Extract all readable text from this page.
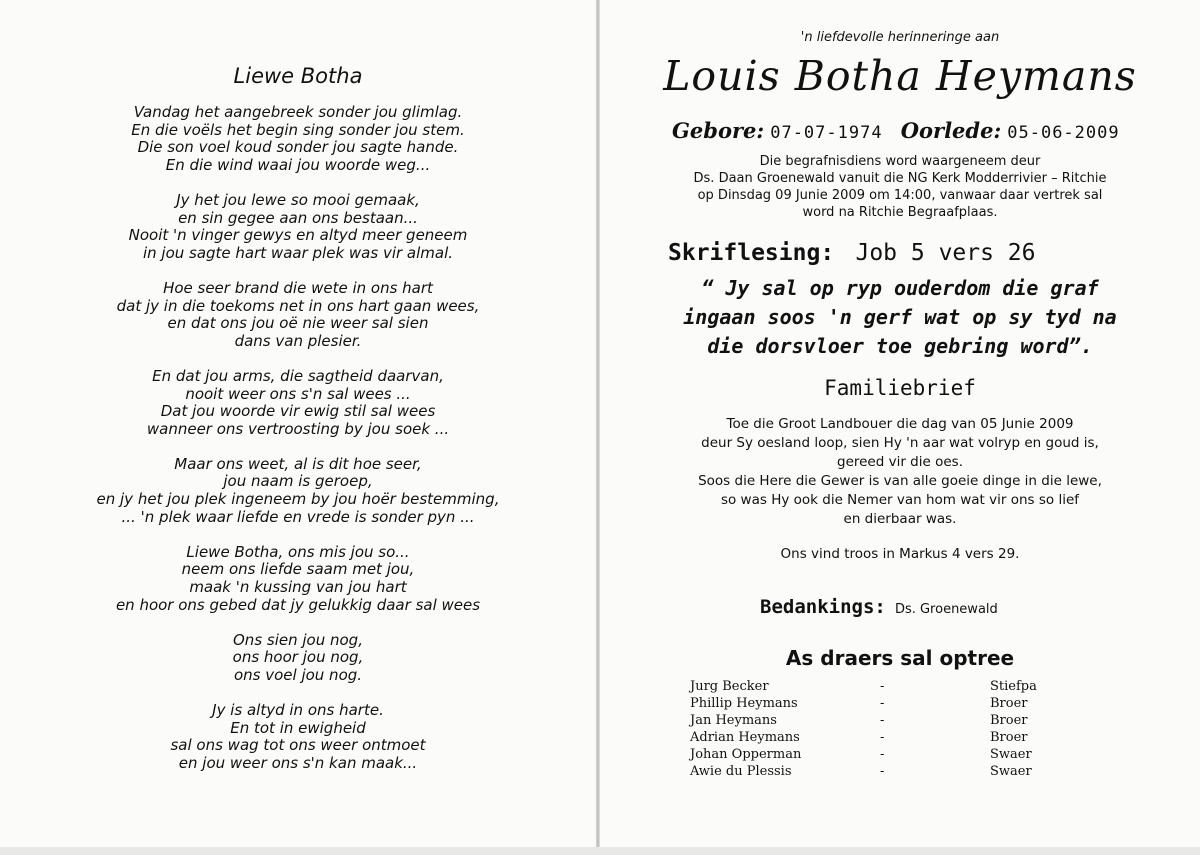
Liewe Botha
Vandag het aangebreek sonder jou glimlag.
En die voëls het begin sing sonder jou stem.
Die son voel koud sonder jou sagte hande.
En die wind waai jou woorde weg...
Jy het jou lewe so mooi gemaak,
en sin gegee aan ons bestaan...
Nooit 'n vinger gewys en altyd meer geneem
in jou sagte hart waar plek was vir almal.
Hoe seer brand die wete in ons hart
dat jy in die toekoms net in ons hart gaan wees,
en dat ons jou oë nie weer sal sien
dans van plesier.
En dat jou arms, die sagtheid daarvan,
nooit weer ons s'n sal wees ...
Dat jou woorde vir ewig stil sal wees
wanneer ons vertroosting by jou soek ...
Maar ons weet, al is dit hoe seer,
jou naam is geroep,
en jy het jou plek ingeneem by jou hoër bestemming,
... 'n plek waar liefde en vrede is sonder pyn ...
Liewe Botha, ons mis jou so...
neem ons liefde saam met jou,
maak 'n kussing van jou hart
en hoor ons gebed dat jy gelukkig daar sal wees
Ons sien jou nog,
ons hoor jou nog,
ons voel jou nog.
Jy is altyd in ons harte.
En tot in ewigheid
sal ons wag tot ons weer ontmoet
en jou weer ons s'n kan maak...
'n liefdevolle herinneringe aan
Louis Botha Heymans
Gebore: 07-07-1974 Oorlede: 05-06-2009
Die begrafnisdiens word waargeneem deur
Ds. Daan Groenewald vanuit die NG Kerk Modderrivier – Ritchie
op Dinsdag 09 Junie 2009 om 14:00, vanwaar daar vertrek sal
word na Ritchie Begraafplaas.
Skriflesing: Job 5 vers 26
“ Jy sal op ryp ouderdom die graf
ingaan soos 'n gerf wat op sy tyd na
die dorsvloer toe gebring word”.
Familiebrief
Toe die Groot Landbouer die dag van 05 Junie 2009
deur Sy oesland loop, sien Hy 'n aar wat volryp en goud is,
gereed vir die oes.
Soos die Here die Gewer is van alle goeie dinge in die lewe,
so was Hy ook die Nemer van hom wat vir ons so lief
en dierbaar was.
Ons vind troos in Markus 4 vers 29.
Bedankings: Ds. Groenewald
As draers sal optree
Jurg Becker	-	Stiefpa
Phillip Heymans	-	Broer
Jan Heymans	-	Broer
Adrian Heymans	-	Broer
Johan Opperman	-	Swaer
Awie du Plessis	-	Swaer
